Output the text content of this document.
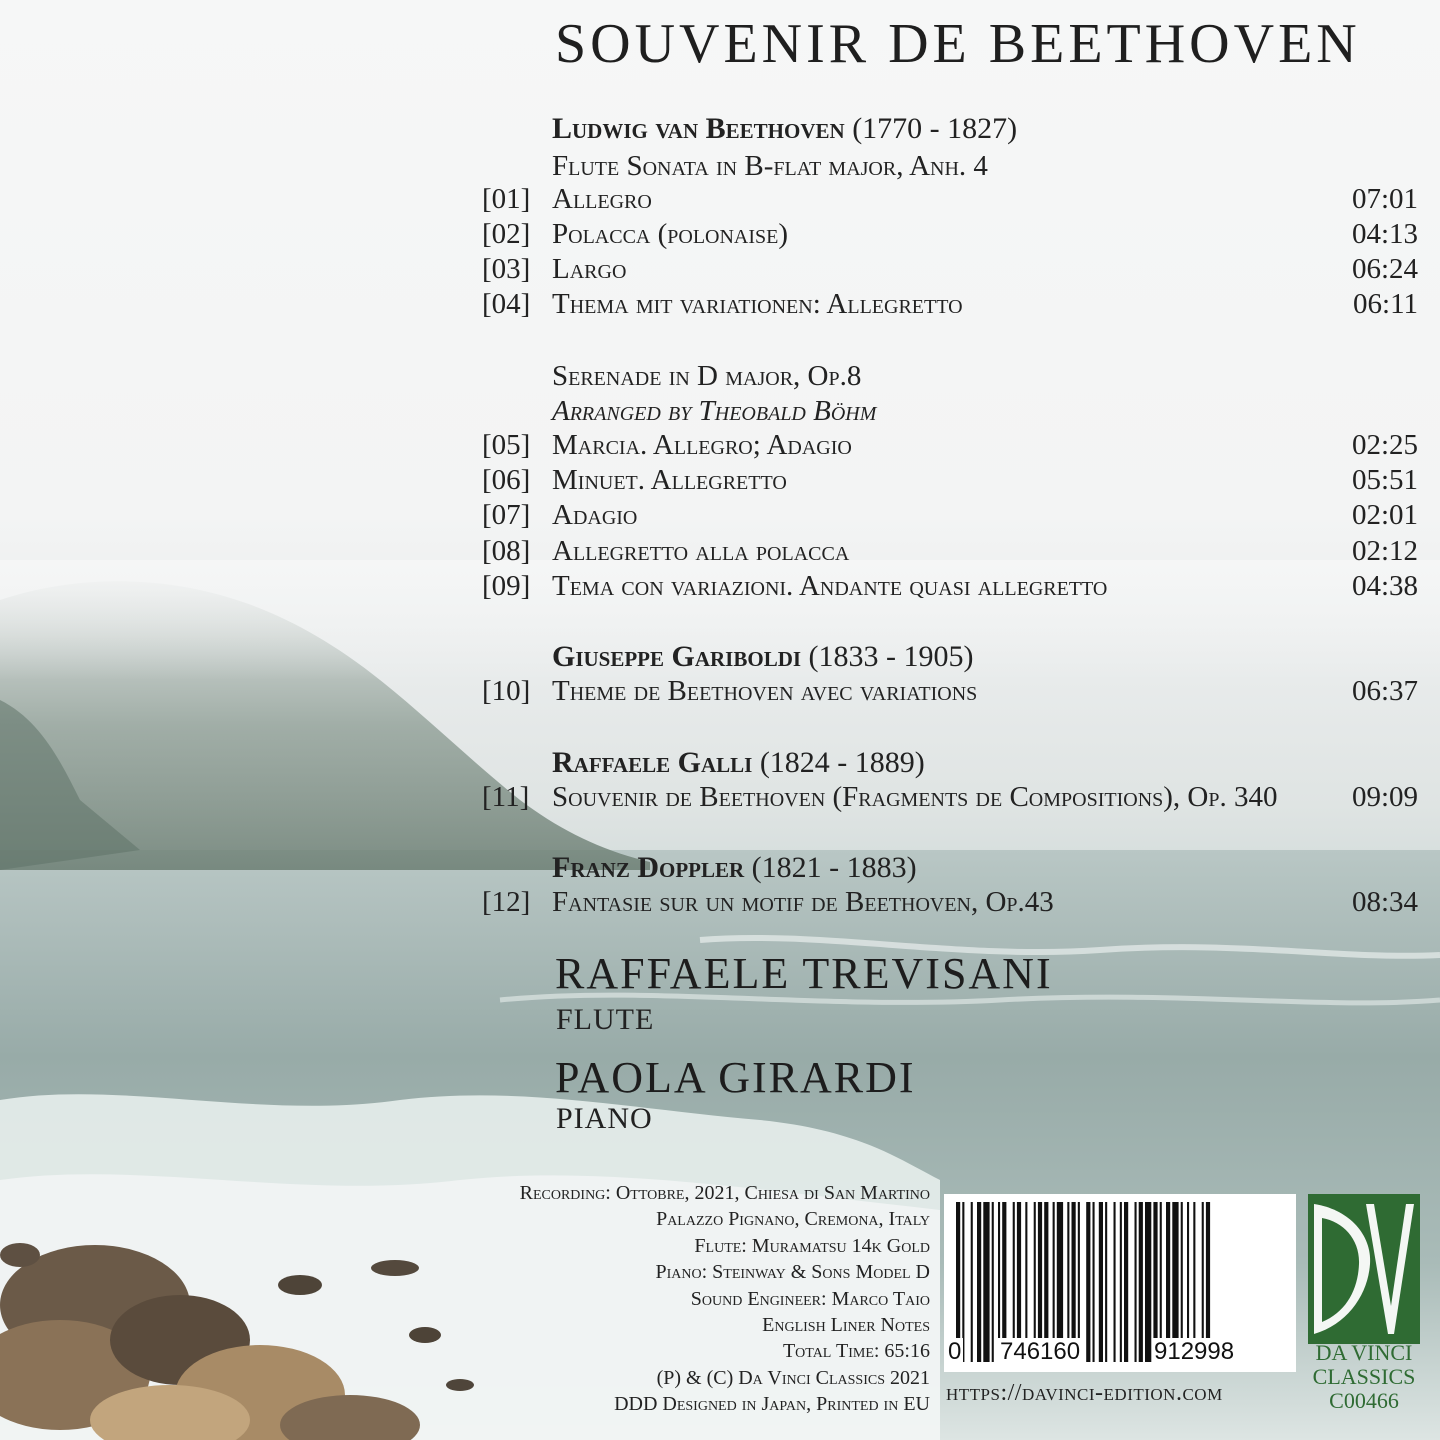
SOUVENIR DE BEETHOVEN
Ludwig van Beethoven (1770 - 1827)
Flute Sonata in B-flat major, Anh. 4
[01] Allegro	07:01
[02] Polacca (polonaise)	04:13
[03] Largo	06:24
[04] Thema mit variationen: Allegretto	06:11
Serenade in D major, Op.8
Arranged by Theobald Böhm
[05] Marcia. Allegro; Adagio	02:25
[06] Minuet. Allegretto	05:51
[07] Adagio	02:01
[08] Allegretto alla polacca	02:12
[09] Tema con variazioni. Andante quasi allegretto	04:38
Giuseppe Gariboldi (1833 - 1905)
[10] Theme de Beethoven avec variations	06:37
Raffaele Galli (1824 - 1889)
[11] Souvenir de Beethoven (Fragments de Compositions), Op. 340	09:09
Franz Doppler (1821 - 1883)
[12] Fantasie sur un motif de Beethoven, Op.43	08:34
RAFFAELE TREVISANI
FLUTE
PAOLA GIRARDI
PIANO
Recording: Ottobre, 2021, Chiesa di San Martino
Palazzo Pignano, Cremona, Italy
Flute: Muramatsu 14k Gold
Piano: Steinway & Sons Model D
Sound Engineer: Marco Taio
English Liner Notes
Total Time: 65:16
(P) & (C) Da Vinci Classics 2021
DDD Designed in Japan, Printed in EU
0 746160	912998
https://davinci-edition.com
DA VINCI
CLASSICS
C00466
